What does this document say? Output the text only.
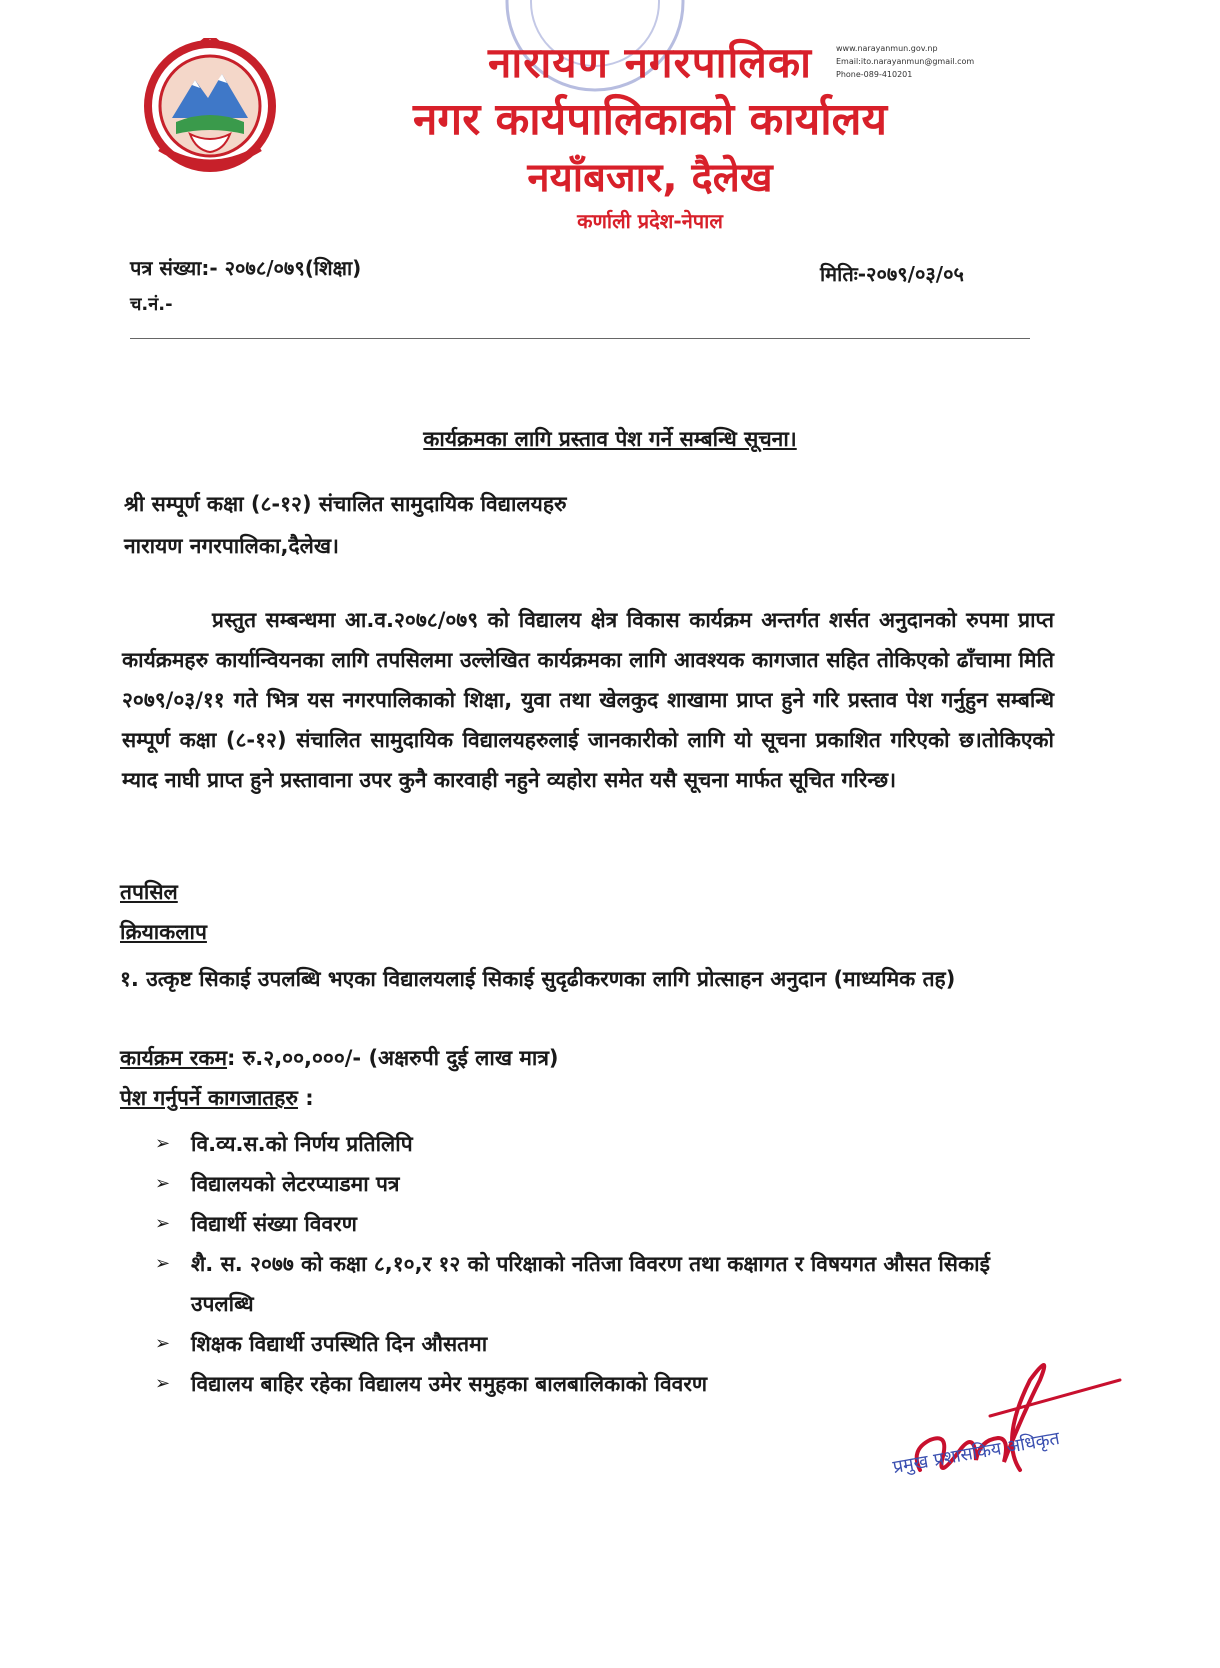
नारायण नगरपालिका
नगर कार्यपालिकाको कार्यालय
नयाँबजार, दैलेख
कर्णाली प्रदेश-नेपाल
www.narayanmun.gov.np
Email:ito.narayanmun@gmail.com
Phone-089-410201
पत्र संख्या:- २०७८/०७९(शिक्षा)
च.नं.-
मितिः-२०७९/०३/०५
कार्यक्रमका लागि प्रस्ताव पेश गर्ने सम्बन्धि सूचना।
श्री सम्पूर्ण कक्षा (८-१२) संचालित सामुदायिक विद्यालयहरु
नारायण नगरपालिका,दैलेख।
प्रस्तुत सम्बन्धमा आ.व.२०७८/०७९ को विद्यालय क्षेत्र विकास कार्यक्रम अन्तर्गत शर्सत अनुदानको रुपमा प्राप्त कार्यक्रमहरु कार्यान्वियनका लागि तपसिलमा उल्लेखित कार्यक्रमका लागि आवश्यक कागजात सहित तोकिएको ढाँचामा मिति २०७९/०३/११ गते भित्र यस नगरपालिकाको शिक्षा, युवा तथा खेलकुद शाखामा प्राप्त हुने गरि प्रस्ताव पेश गर्नुहुन सम्बन्धि सम्पूर्ण कक्षा (८-१२) संचालित सामुदायिक विद्यालयहरुलाई जानकारीको लागि यो सूचना प्रकाशित गरिएको छ।तोकिएको म्याद नाघी प्राप्त हुने प्रस्तावाना उपर कुनै कारवाही नहुने व्यहोरा समेत यसै सूचना मार्फत सूचित गरिन्छ।
तपसिल
क्रियाकलाप
१. उत्कृष्ट सिकाई उपलब्धि भएका विद्यालयलाई सिकाई सुदृढीकरणका लागि प्रोत्साहन अनुदान (माध्यमिक तह)
कार्यक्रम रकम: रु.२,००,०००/- (अक्षरुपी दुई लाख मात्र)
पेश गर्नुपर्ने कागजातहरु :
➢ वि.व्य.स.को निर्णय प्रतिलिपि
➢ विद्यालयको लेटरप्याडमा पत्र
➢ विद्यार्थी संख्या विवरण
➢ शै. स. २०७७ को कक्षा ८,१०,र १२ को परिक्षाको नतिजा विवरण तथा कक्षागत र विषयगत औसत सिकाई उपलब्धि
➢ शिक्षक विद्यार्थी उपस्थिति दिन औसतमा
➢ विद्यालय बाहिर रहेका विद्यालय उमेर समुहका बालबालिकाको विवरण
प्रमुख प्रशासकिय अधिकृत
